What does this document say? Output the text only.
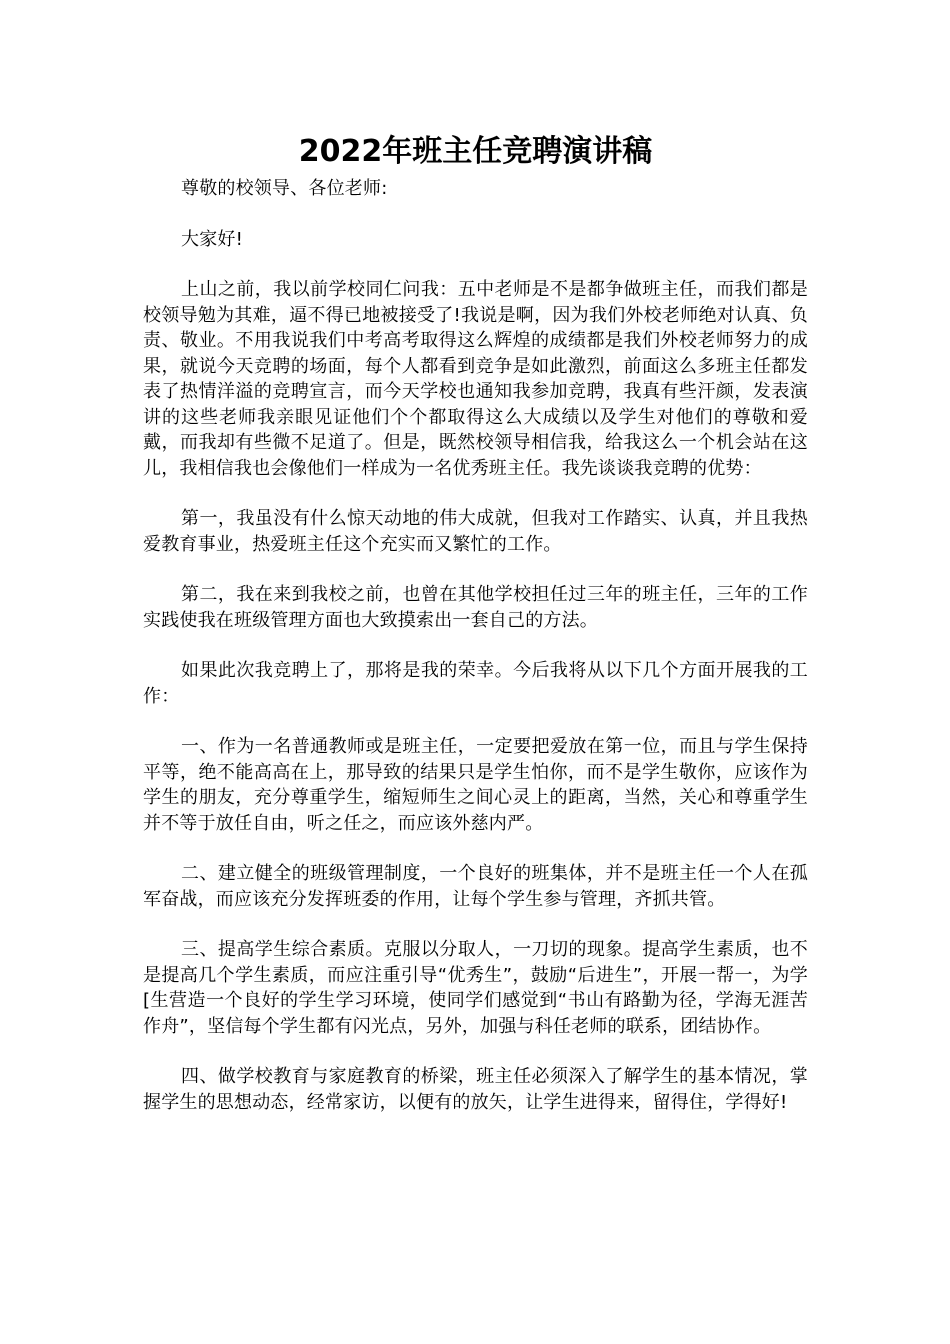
2022年班主任竞聘演讲稿

尊敬的校领导、各位老师:

大家好!

上山之前，我以前学校同仁问我：五中老师是不是都争做班主任，而我们都是校领导勉为其难，逼不得已地被接受了!我说是啊，因为我们外校老师绝对认真、负责、敬业。不用我说我们中考高考取得这么辉煌的成绩都是我们外校老师努力的成果，就说今天竞聘的场面，每个人都看到竞争是如此激烈，前面这么多班主任都发表了热情洋溢的竞聘宣言，而今天学校也通知我参加竞聘，我真有些汗颜，发表演讲的这些老师我亲眼见证他们个个都取得这么大成绩以及学生对他们的尊敬和爱戴，而我却有些微不足道了。但是，既然校领导相信我，给我这么一个机会站在这儿，我相信我也会像他们一样成为一名优秀班主任。我先谈谈我竞聘的优势：

第一，我虽没有什么惊天动地的伟大成就，但我对工作踏实、认真，并且我热爱教育事业，热爱班主任这个充实而又繁忙的工作。

第二，我在来到我校之前，也曾在其他学校担任过三年的班主任，三年的工作实践使我在班级管理方面也大致摸索出一套自己的方法。

如果此次我竞聘上了，那将是我的荣幸。今后我将从以下几个方面开展我的工作：

一、作为一名普通教师或是班主任，一定要把爱放在第一位，而且与学生保持平等，绝不能高高在上，那导致的结果只是学生怕你，而不是学生敬你，应该作为学生的朋友，充分尊重学生，缩短师生之间心灵上的距离，当然，关心和尊重学生并不等于放任自由，听之任之，而应该外慈内严。

二、建立健全的班级管理制度，一个良好的班集体，并不是班主任一个人在孤军奋战，而应该充分发挥班委的作用，让每个学生参与管理，齐抓共管。

三、提高学生综合素质。克服以分取人，一刀切的现象。提高学生素质，也不是提高几个学生素质，而应注重引导“优秀生”，鼓励“后进生”，开展一帮一，为学[生营造一个良好的学生学习环境，使同学们感觉到“书山有路勤为径，学海无涯苦作舟”，坚信每个学生都有闪光点，另外，加强与科任老师的联系，团结协作。

四、做学校教育与家庭教育的桥梁，班主任必须深入了解学生的基本情况，掌握学生的思想动态，经常家访，以便有的放矢，让学生进得来，留得住，学得好!
